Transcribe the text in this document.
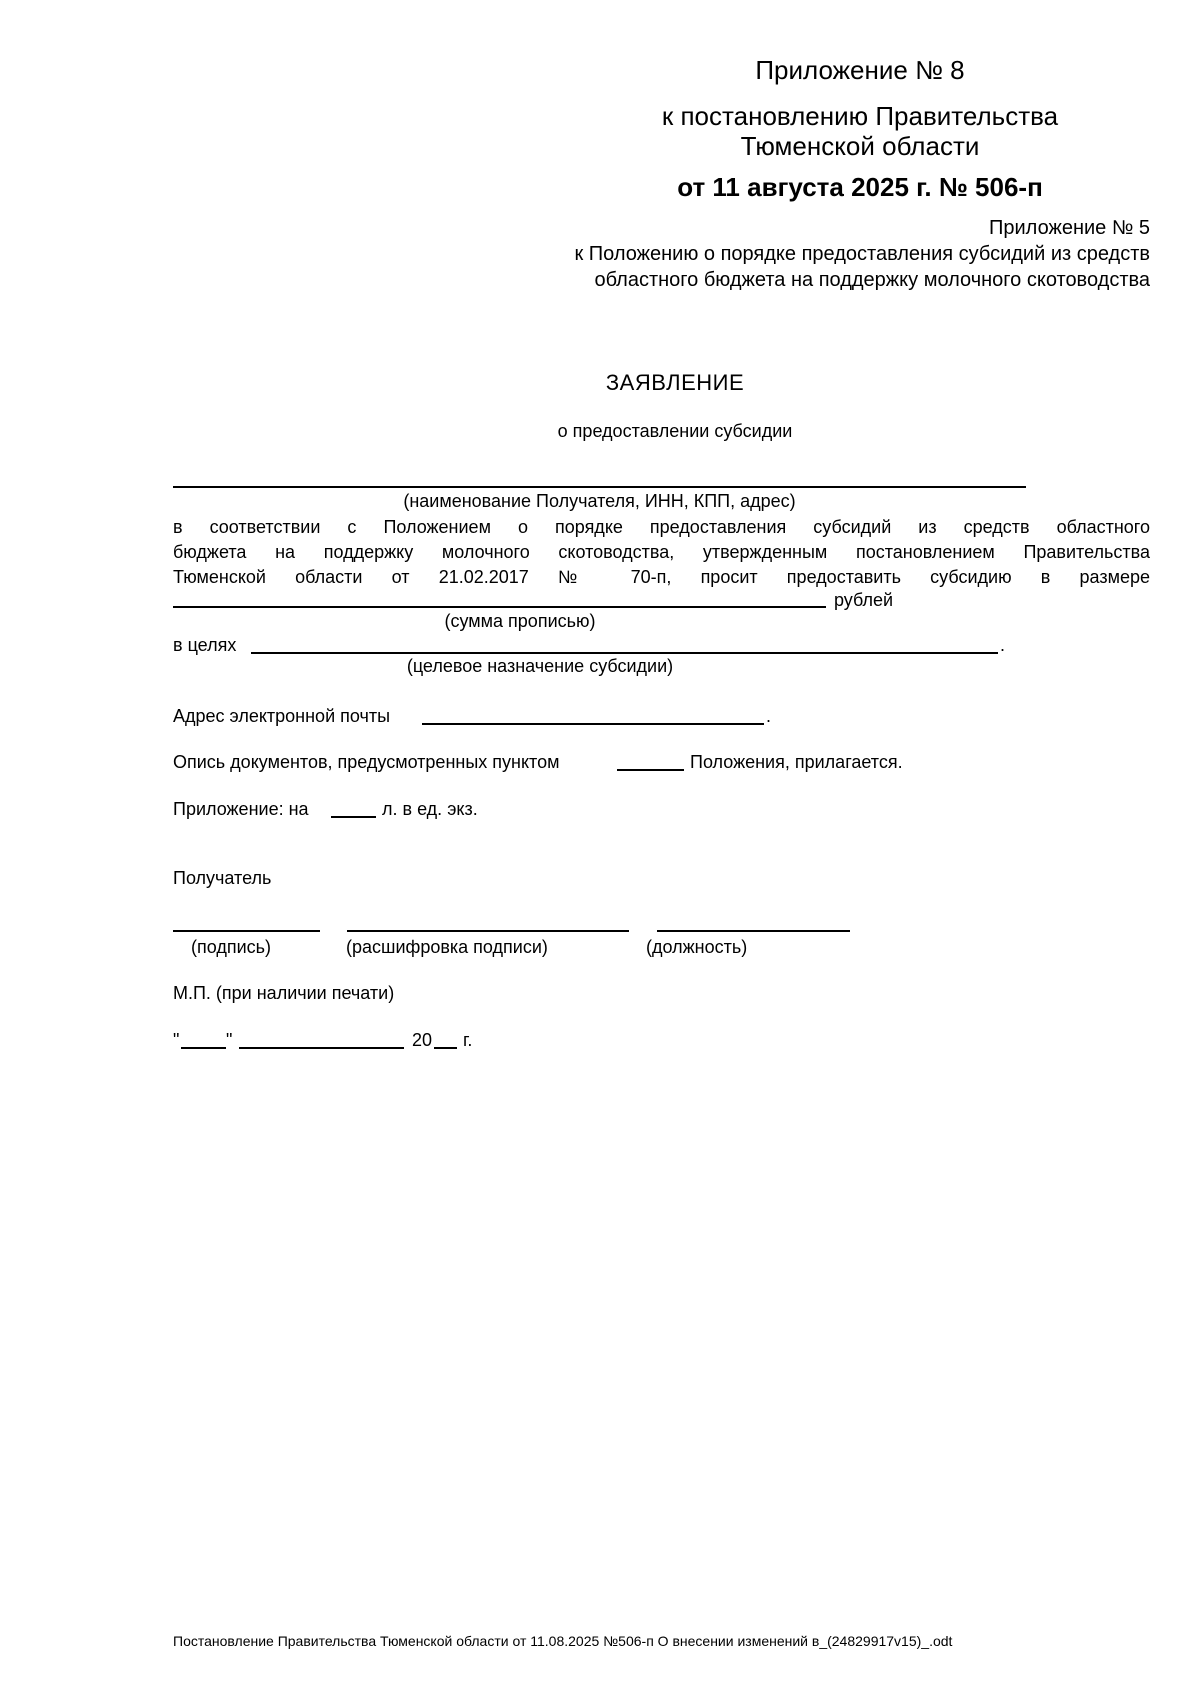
Приложение № 8
к постановлению Правительства
Тюменской области
от 11 августа 2025 г. № 506-п
Приложение № 5
к Положению о порядке предоставления субсидий из средств
областного бюджета на поддержку молочного скотоводства
ЗАЯВЛЕНИЕ
о предоставлении субсидии
(наименование Получателя, ИНН, КПП, адрес)
в соответствии с Положением о порядке предоставления субсидий из средств областного
бюджета на поддержку молочного скотоводства, утвержденным постановлением Правительства
Тюменской области от 21.02.2017 № 70-п, просит предоставить субсидию в размере
рублей
(сумма прописью)
в целях	.
(целевое назначение субсидии)
Адрес электронной почты	.
Опись документов, предусмотренных пунктом	Положения, прилагается.
Приложение: на	л. в ед. экз.
Получатель
(подпись)	(расшифровка подписи)	(должность)
М.П. (при наличии печати)
"	"	20 г.
Постановление Правительства Тюменской области от 11.08.2025 №506-п О внесении изменений в_(24829917v15)_.odt
